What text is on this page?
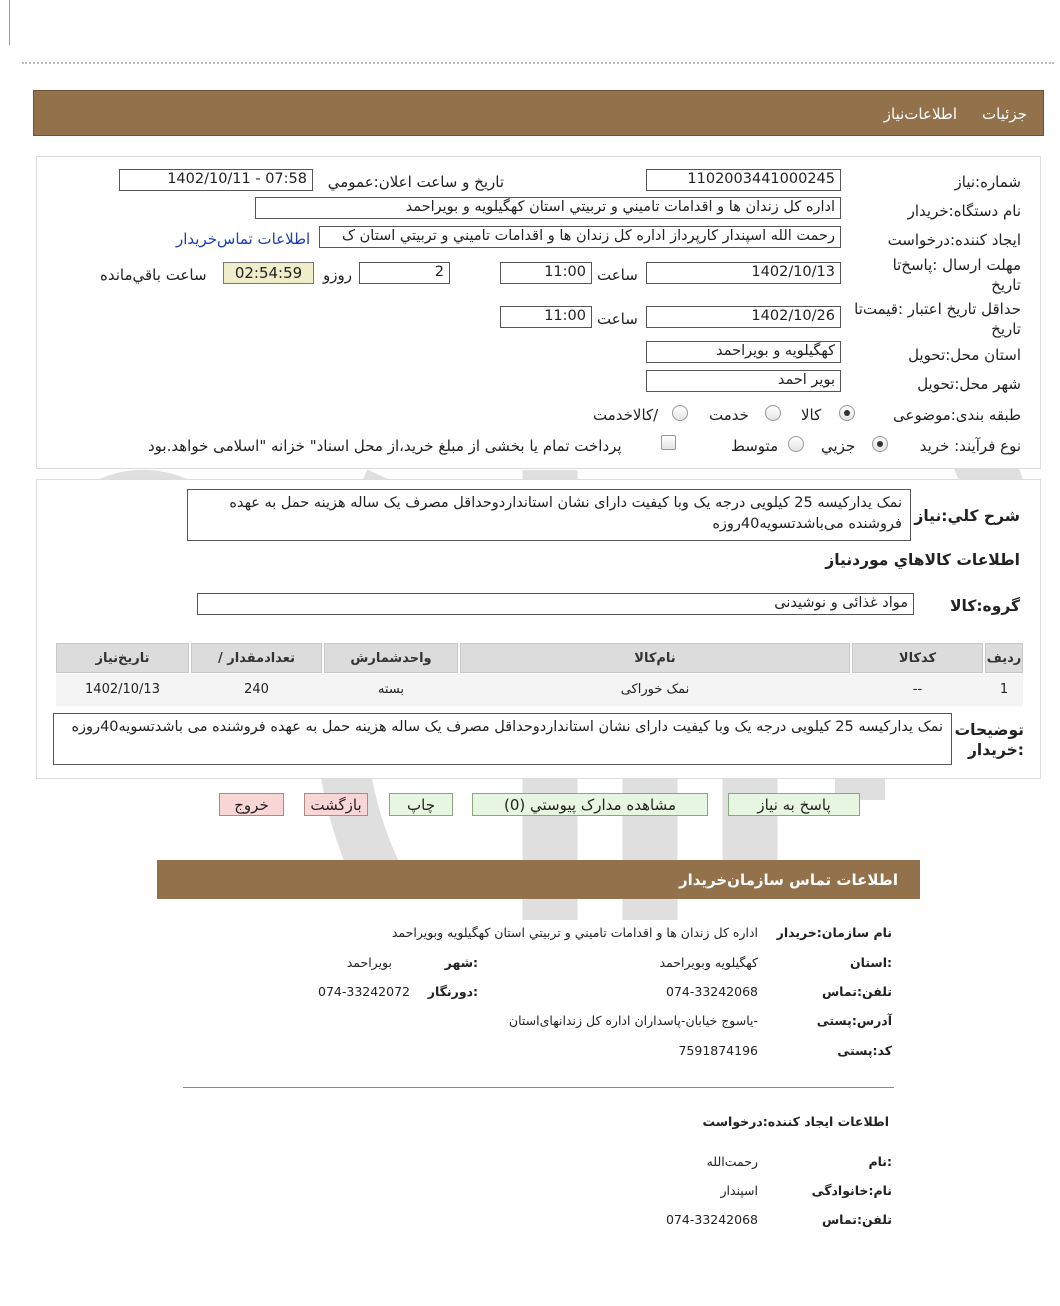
جزئیات
اطلاعات‌نیاز
شماره:نیاز
1102003441000245
تاریخ و ساعت اعلان:عمومي
1402/10/11 - 07:58
نام دستگاه:خريدار
اداره کل زندان ها و اقدامات تامیني و تربيتي استان کهگیلویه و بویراحمد
ايجاد کننده:درخواست
رحمت الله اسپندار کارپرداز اداره کل زندان ها و اقدامات تامیني و تربيتي استان ک
اطلاعات تماس‌خريدار
مهلت ارسال :پاسخ‌تا
تاريخ
1402/10/13
ساعت
11:00
2
روزو
02:54:59
ساعت باقي‌مانده
حداقل تاريخ اعتبار :قيمت‌تا
تاريخ
1402/10/26
ساعت
11:00
استان محل:تحويل
کهگیلویه و بویراحمد
شهر محل:تحويل
بویر احمد
طبقه بندی:موضوعی
کالا
خدمت
/کالاخدمت
نوع فرآيند: خريد
جزيي
متوسط
پرداخت تمام يا بخشی از مبلغ خريد،از محل اسناد" خزانه "اسلامی خواهد.بود
شرح کلي:نياز
نمک یدارکیسه 25 کیلویی درجه یک وبا کیفیت دارای نشان استانداردوحداقل مصرف یک ساله هزینه حمل به عهده فروشنده می‌باشدتسویه40روزه
اطلاعات کالاهاي موردنياز
گروه:کالا
مواد غذائی و نوشیدنی
رديف
کدکالا
نام‌کالا
واحدشمارش
/ تعدادمقدار
تاريخ‌نياز
1
--
نمک خوراکی
بسته
240
1402/10/13
توضيحات
:خريدار
نمک یدارکیسه 25 کیلویی درجه یک وبا کیفیت دارای نشان استانداردوحداقل مصرف یک ساله هزینه حمل به عهده فروشنده می باشدتسویه40روزه
پاسخ به نياز
مشاهده مدارک پيوستي (0)
چاپ
بازگشت
خروج
اطلاعات تماس سازمان‌خريدار
نام سازمان:خريدار
اداره کل زندان ها و اقدامات تامیني و تربيتي استان کهگیلویه وبویراحمد
:استان
کهگیلویه وبویراحمد
:شهر
بویراحمد
تلفن:تماس
074-33242068
:دورنگار
074-33242072
آدرس:پستی
-یاسوج خیابان-پاسداران اداره کل زندانهای‌استان
کد:پستی
7591874196
اطلاعات ايجاد کننده:درخواست
:نام
رحمت‌الله
نام:خانوادگی
اسپندار
تلفن:تماس
074-33242068
